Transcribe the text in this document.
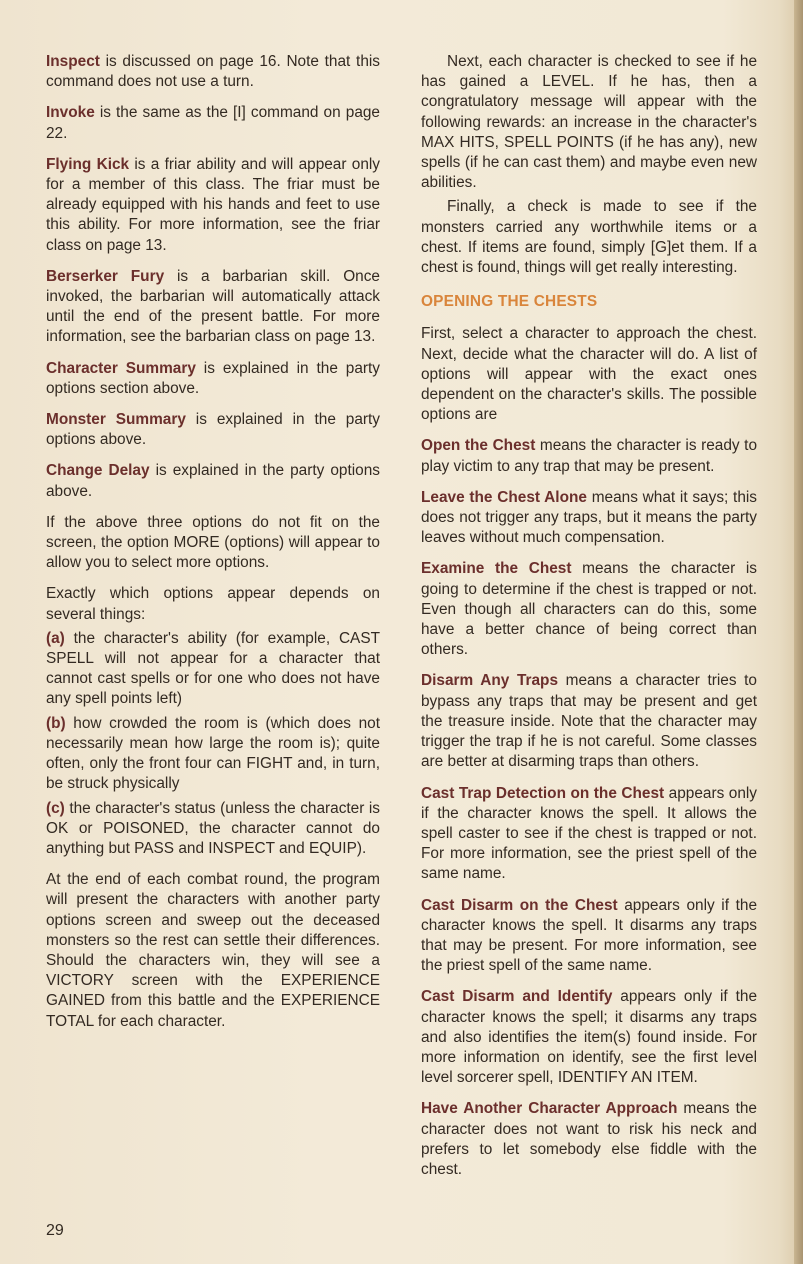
Inspect is discussed on page 16. Note that this command does not use a turn.

Invoke is the same as the [I] command on page 22.

Flying Kick is a friar ability and will appear only for a member of this class. The friar must be already equipped with his hands and feet to use this ability. For more information, see the friar class on page 13.

Berserker Fury is a barbarian skill. Once invoked, the barbarian will automatically attack until the end of the present battle. For more information, see the barbarian class on page 13.

Character Summary is explained in the party options section above.

Monster Summary is explained in the party options above.

Change Delay is explained in the party options above.

If the above three options do not fit on the screen, the option MORE (options) will appear to allow you to select more options.

Exactly which options appear depends on several things:

(a) the character's ability (for example, CAST SPELL will not appear for a character that cannot cast spells or for one who does not have any spell points left)

(b) how crowded the room is (which does not necessarily mean how large the room is); quite often, only the front four can FIGHT and, in turn, be struck physically

(c) the character's status (unless the character is OK or POISONED, the character cannot do anything but PASS and INSPECT and EQUIP).

At the end of each combat round, the program will present the characters with another party options screen and sweep out the deceased monsters so the rest can settle their differences. Should the characters win, they will see a VICTORY screen with the EXPERIENCE GAINED from this battle and the EXPERIENCE TOTAL for each character.

Next, each character is checked to see if he has gained a LEVEL. If he has, then a congratulatory message will appear with the following rewards: an increase in the character's MAX HITS, SPELL POINTS (if he has any), new spells (if he can cast them) and maybe even new abilities.

Finally, a check is made to see if the monsters carried any worthwhile items or a chest. If items are found, simply [G]et them. If a chest is found, things will get really interesting.

OPENING THE CHESTS

First, select a character to approach the chest. Next, decide what the character will do. A list of options will appear with the exact ones dependent on the character's skills. The possible options are

Open the Chest means the character is ready to play victim to any trap that may be present.

Leave the Chest Alone means what it says; this does not trigger any traps, but it means the party leaves without much compensation.

Examine the Chest means the character is going to determine if the chest is trapped or not. Even though all characters can do this, some have a better chance of being correct than others.

Disarm Any Traps means a character tries to bypass any traps that may be present and get the treasure inside. Note that the character may trigger the trap if he is not careful. Some classes are better at disarming traps than others.

Cast Trap Detection on the Chest appears only if the character knows the spell. It allows the spell caster to see if the chest is trapped or not. For more information, see the priest spell of the same name.

Cast Disarm on the Chest appears only if the character knows the spell. It disarms any traps that may be present. For more information, see the priest spell of the same name.

Cast Disarm and Identify appears only if the character knows the spell; it disarms any traps and also identifies the item(s) found inside. For more information on identify, see the first level level sorcerer spell, IDENTIFY AN ITEM.

Have Another Character Approach means the character does not want to risk his neck and prefers to let somebody else fiddle with the chest.

29
